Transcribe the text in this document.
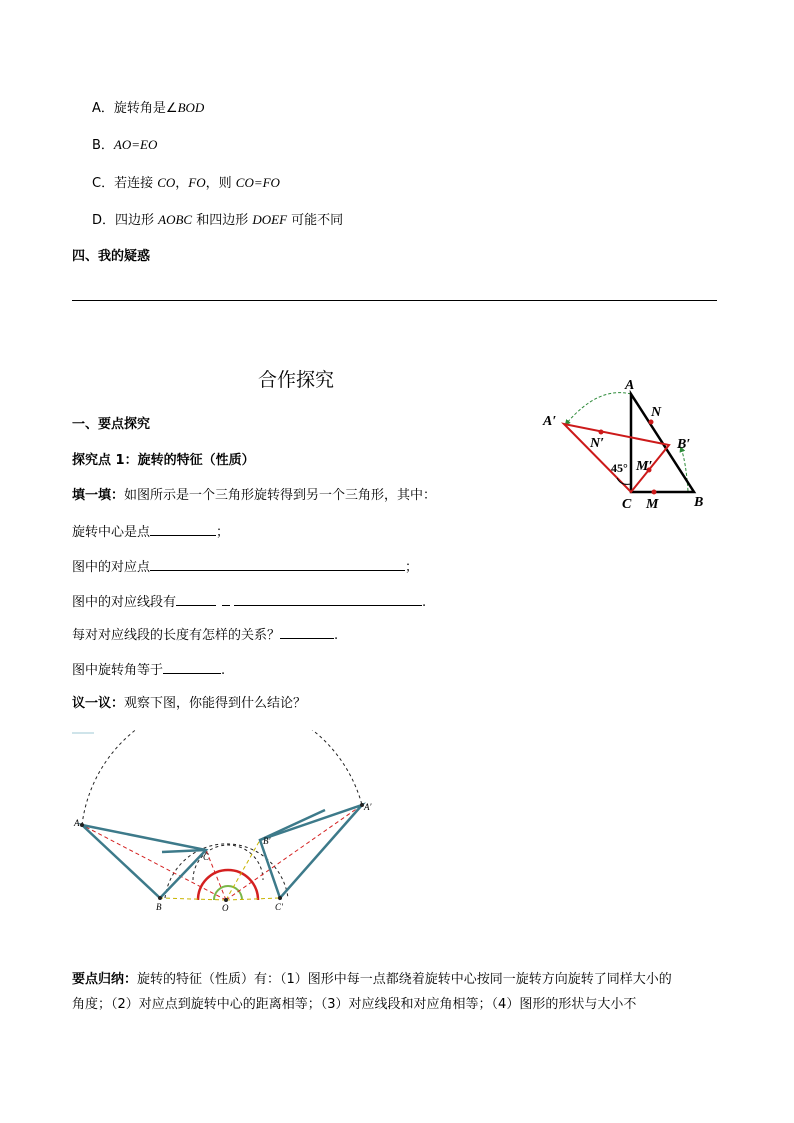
A．旋转角是∠BOD
B．AO=EO
C．若连接 CO，FO，则 CO=FO
D．四边形 AOBC 和四边形 DOEF 可能不同
四、我的疑惑
合作探究
一、要点探究
探究点 1：旋转的特征（性质）
填一填：如图所示是一个三角形旋转得到另一个三角形，其中：
旋转中心是点	；
图中的对应点	；
图中的对应线段有	.
每对对应线段的长度有怎样的关系？	.
图中旋转角等于	.
议一议：观察下图，你能得到什么结论？
A
N
A′
N′	B′
M′
45°
C M	B
A
A′
C
B′
B	O	C′
要点归纳：旋转的特征（性质）有：（1）图形中每一点都绕着旋转中心按同一旋转方向旋转了同样大小的
角度；（2）对应点到旋转中心的距离相等；（3）对应线段和对应角相等；（4）图形的形状与大小不
